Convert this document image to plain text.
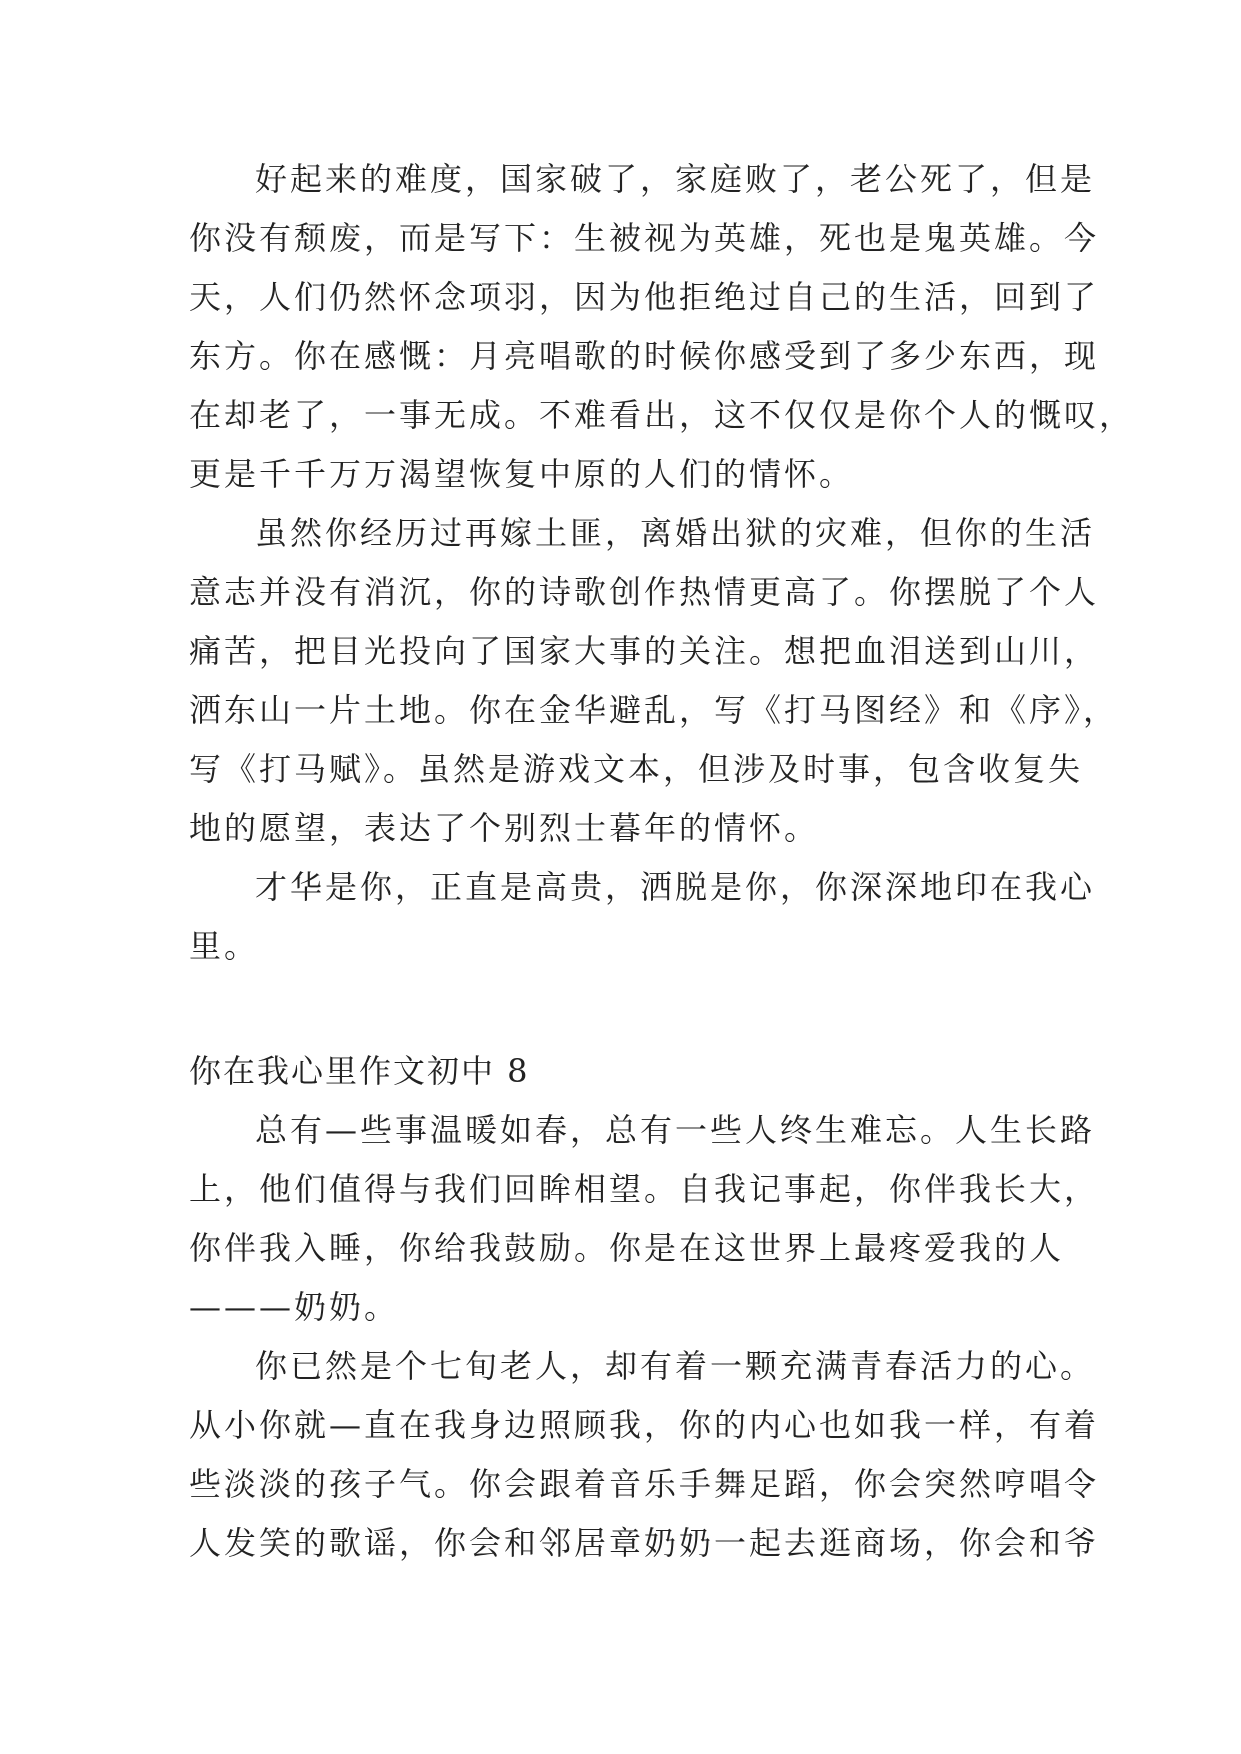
好起来的难度，国家破了，家庭败了，老公死了，但是
你没有颓废，而是写下：生被视为英雄，死也是鬼英雄。今
天，人们仍然怀念项羽，因为他拒绝过自己的生活，回到了
东方。你在感慨：月亮唱歌的时候你感受到了多少东西，现
在却老了，一事无成。不难看出，这不仅仅是你个人的慨叹，
更是千千万万渴望恢复中原的人们的情怀。
虽然你经历过再嫁土匪，离婚出狱的灾难，但你的生活
意志并没有消沉，你的诗歌创作热情更高了。你摆脱了个人
痛苦，把目光投向了国家大事的关注。想把血泪送到山川，
洒东山一片土地。你在金华避乱，写《打马图经》和《序》，
写《打马赋》。虽然是游戏文本，但涉及时事，包含收复失
地的愿望，表达了个别烈士暮年的情怀。
才华是你，正直是高贵，洒脱是你，你深深地印在我心
里。
你在我心里作文初中 8
总有—些事温暖如春，总有一些人终生难忘。人生长路
上，他们值得与我们回眸相望。自我记事起，你伴我长大，
你伴我入睡，你给我鼓励。你是在这世界上最疼爱我的人
———奶奶。
你已然是个七旬老人，却有着一颗充满青春活力的心。
从小你就—直在我身边照顾我，你的内心也如我一样，有着
些淡淡的孩子气。你会跟着音乐手舞足蹈，你会突然哼唱令
人发笑的歌谣，你会和邻居章奶奶一起去逛商场，你会和爷
